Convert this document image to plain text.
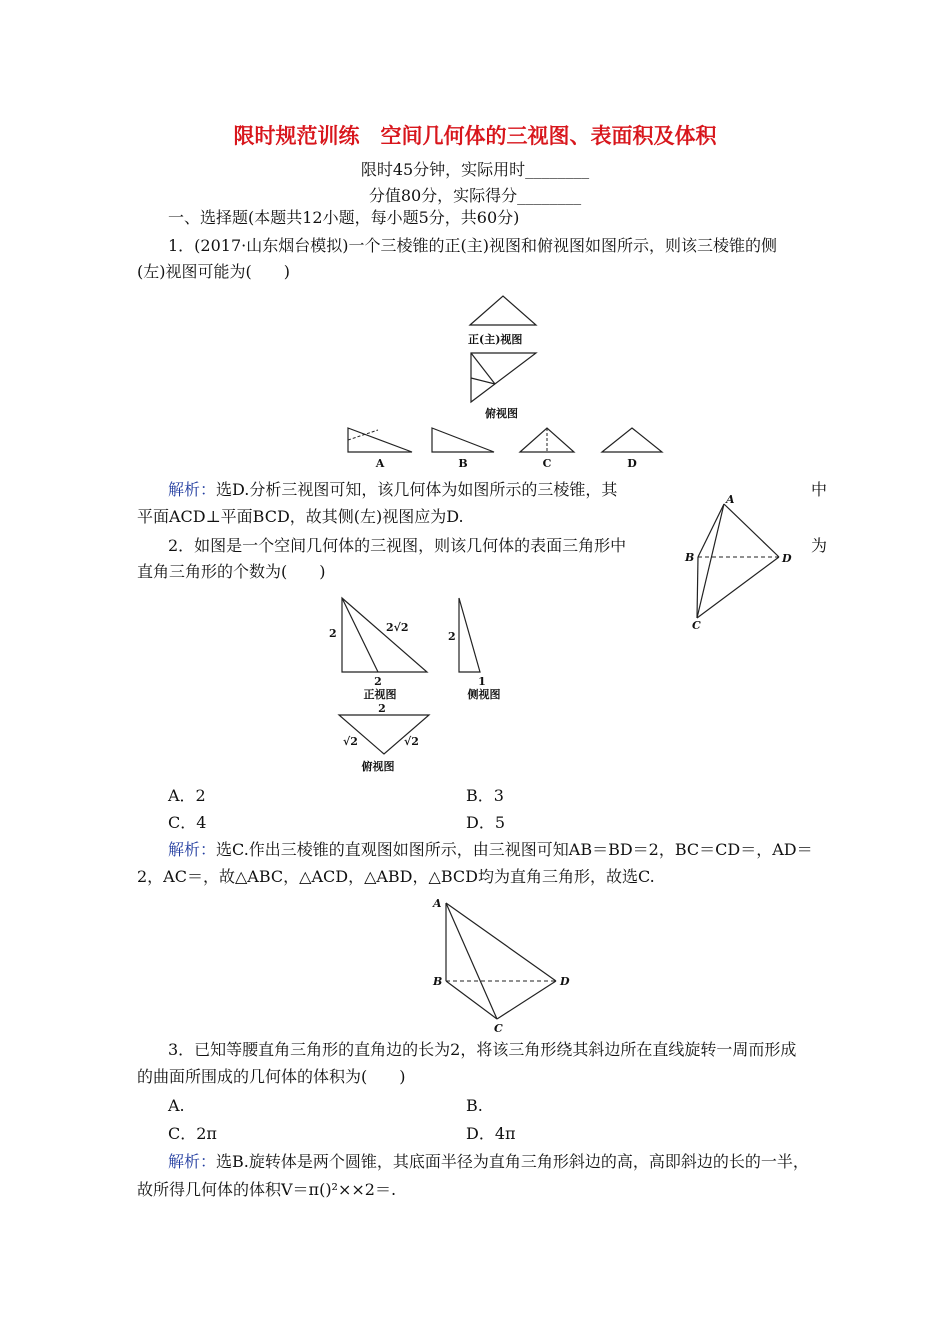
限时规范训练　空间几何体的三视图、表面积及体积
限时45分钟，实际用时________
分值80分，实际得分________
一、选择题(本题共12小题，每小题5分，共60分)
1．(2017·山东烟台模拟)一个三棱锥的正(主)视图和俯视图如图所示，则该三棱锥的侧
(左)视图可能为(　　)
正(主)视图
俯视图
A	B	C	D
解析：选D.分析三视图可知，该几何体为如图所示的三棱锥，其	中
平面ACD⊥平面BCD，故其侧(左)视图应为D.
A
B	D
C
2．如图是一个空间几何体的三视图，则该几何体的表面三角形中	为
直角三角形的个数为(　　)
2	2√2
2
正视图
2
1
侧视图
2
√2	√2
俯视图
A．2	B．3
C．4	D．5
解析：选C.作出三棱锥的直观图如图所示，由三视图可知AB＝BD＝2，BC＝CD＝，AD＝
2，AC＝，故△ABC，△ACD，△ABD，△BCD均为直角三角形，故选C.
A
B	D
C
3．已知等腰直角三角形的直角边的长为2，将该三角形绕其斜边所在直线旋转一周而形成
的曲面所围成的几何体的体积为(　　)
A.	B.
C．2π	D．4π
解析：选B.旋转体是两个圆锥，其底面半径为直角三角形斜边的高，高即斜边的长的一半，
故所得几何体的体积V＝π()²××2＝.
